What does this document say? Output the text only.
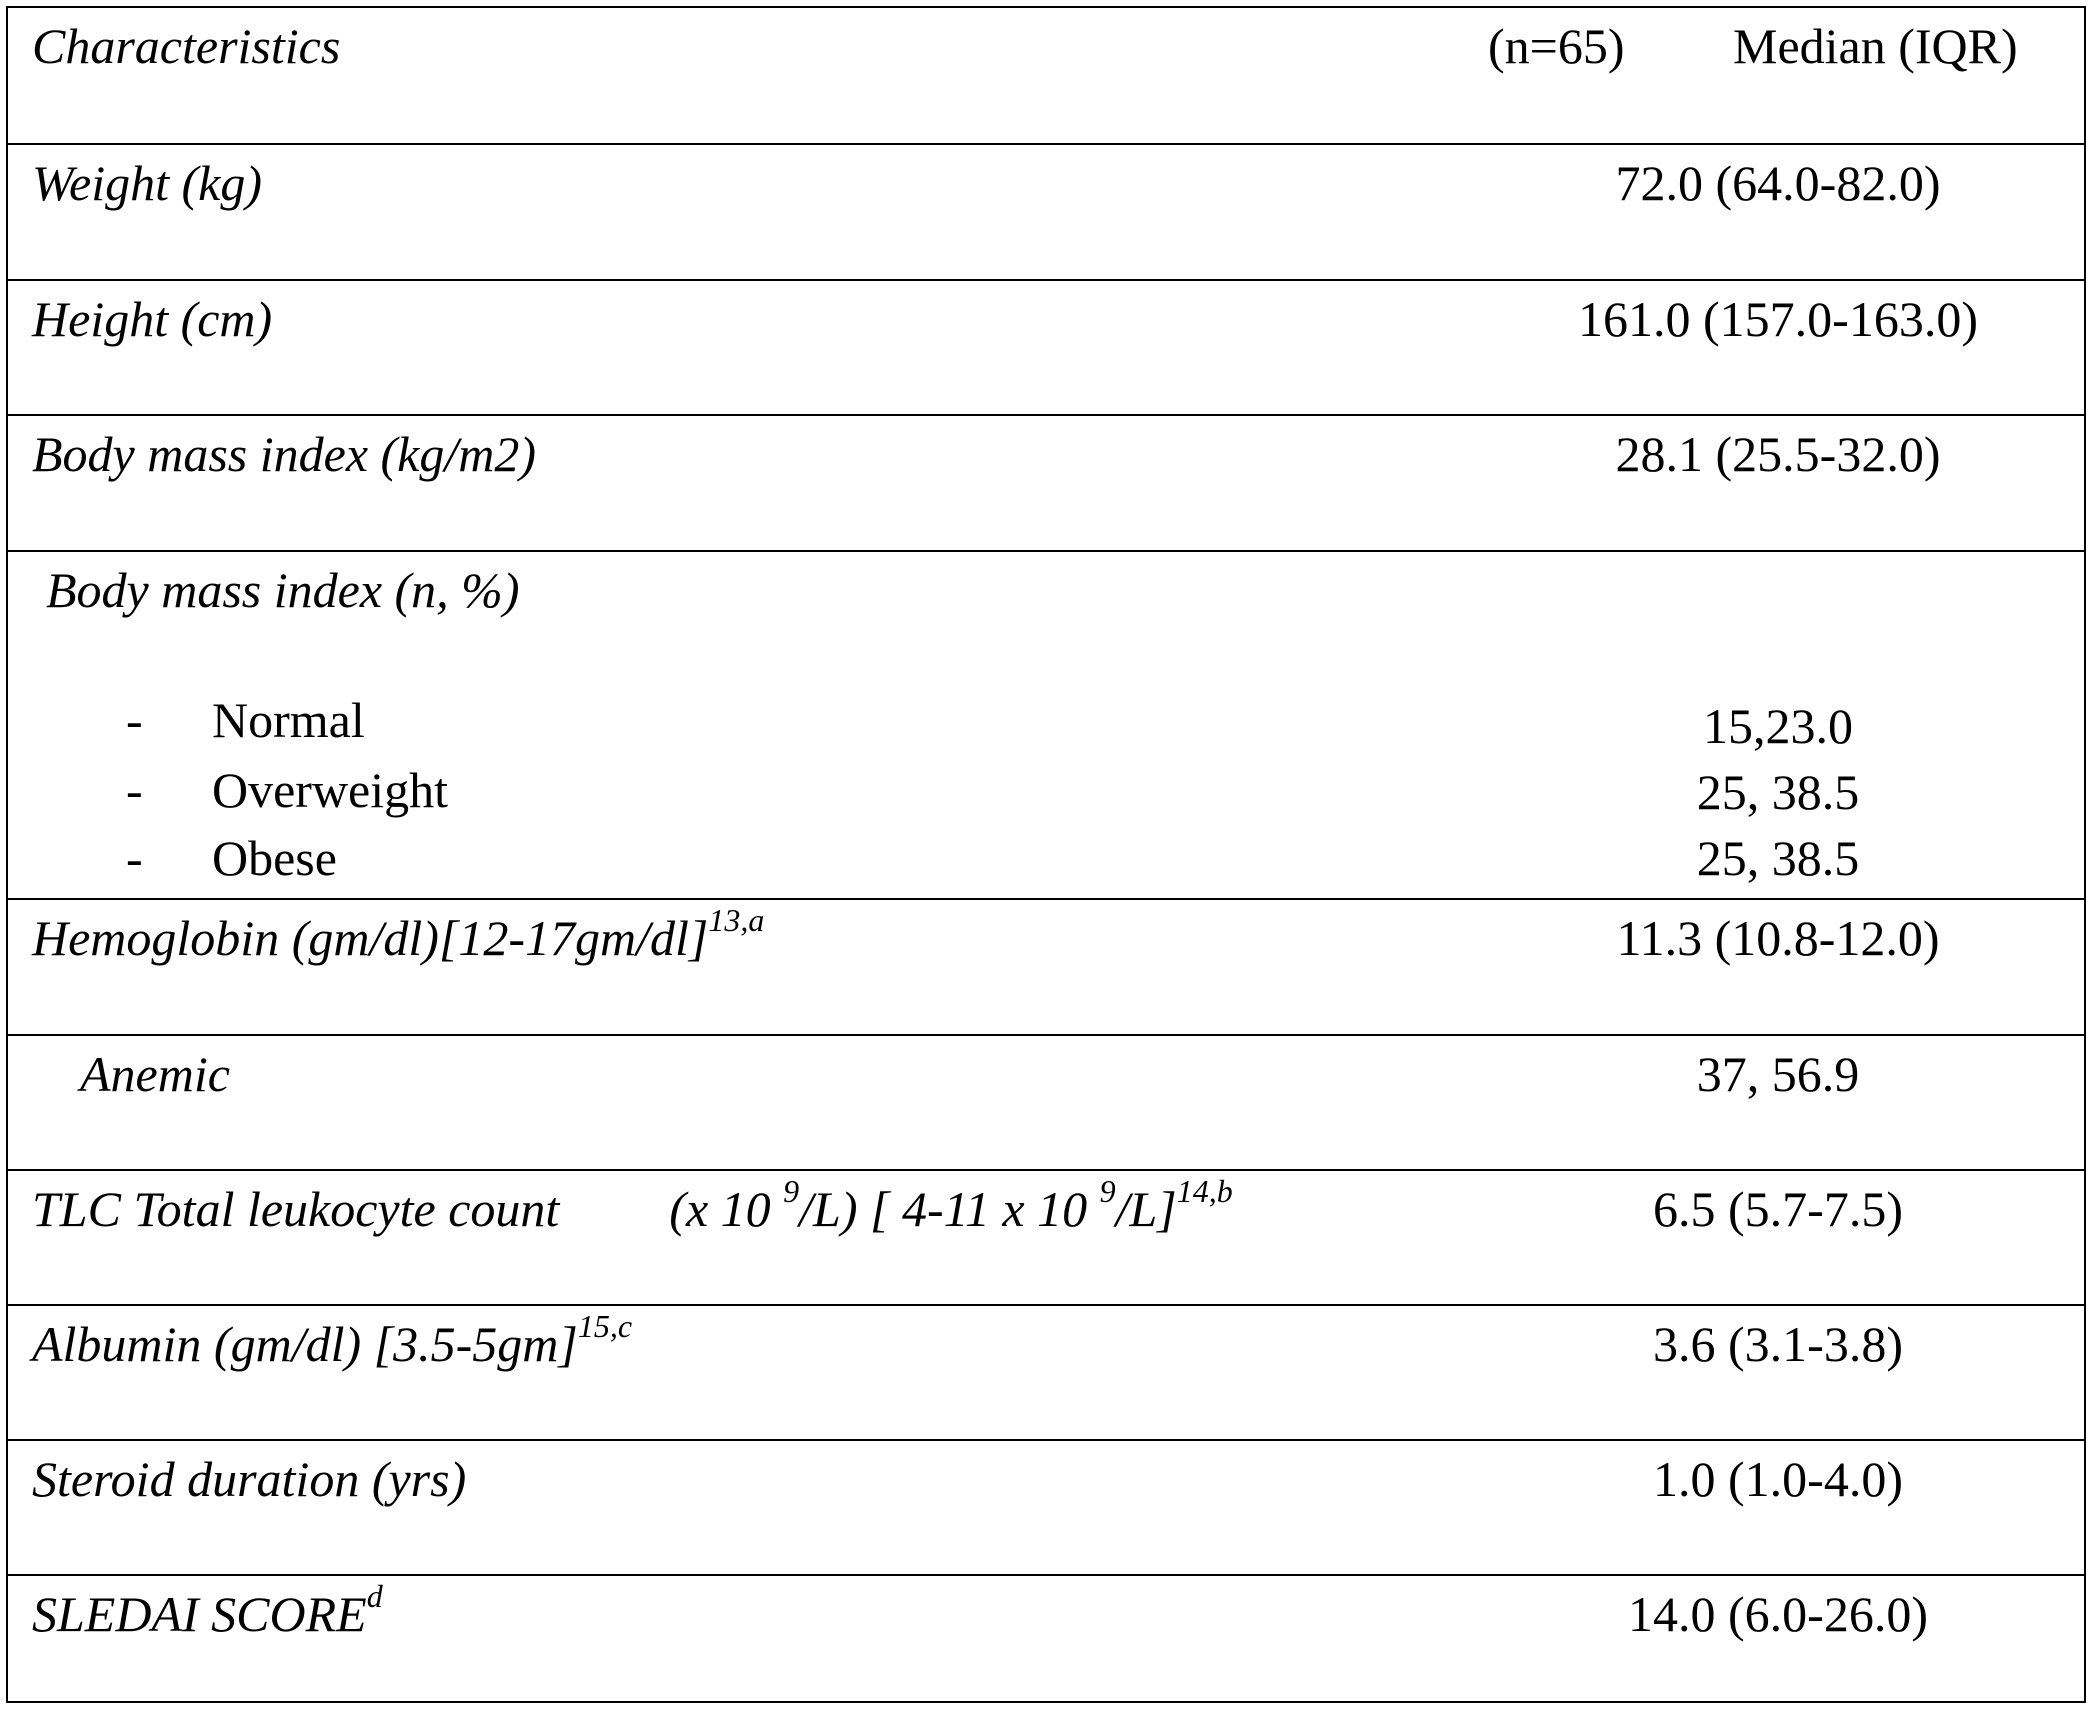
Characteristics	(n=65) Median (IQR)
Weight (kg)	72.0 (64.0-82.0)
Height (cm)	161.0 (157.0-163.0)
Body mass index (kg/m2)	28.1 (25.5-32.0)
Body mass index (n, %)
- Normal	15,23.0
- Overweight	25, 38.5
- Obese	25, 38.5
Hemoglobin $(gm/dl)[12-17gm/dl]^{13,a}$	11.3 (10.8-12.0)
Anemic	37, 56.9
TLC Total leukocyte count (x 10 $^9$/L) [ 4-11 x 10 $^9$/L]$^{14,b}$	6.5 (5.7-7.5)
Albumin (gm/dl) $[3.5-5gm]^{15,c}$	3.6 (3.1-3.8)
Steroid duration (yrs)	1.0 (1.0-4.0)
SLEDAI SCORE$^d$	14.0 (6.0-26.0)
